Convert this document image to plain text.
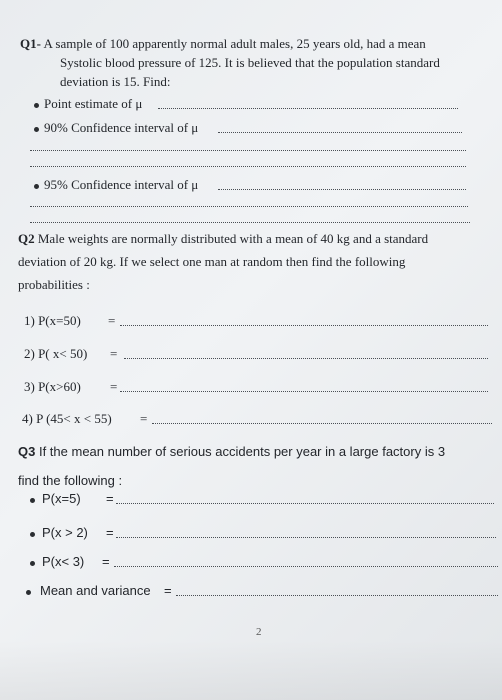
Q1- A sample of 100 apparently normal adult males, 25 years old, had a mean
Systolic blood pressure of 125. It is believed that the population standard
deviation is 15. Find:
Point estimate of μ
90% Confidence interval of μ
95% Confidence interval of μ
Q2 Male weights are normally distributed with a mean of 40 kg and a standard
deviation of 20 kg. If we select one man at random then find the following
probabilities :
1) P(x=50) =
2) P( x< 50) =
3) P(x>60) =
4) P (45< x < 55) =
Q3 If the mean number of serious accidents per year in a large factory is 3
find the following :
P(x=5) =
P(x > 2) =
P(x< 3) =
Mean and variance =
2
